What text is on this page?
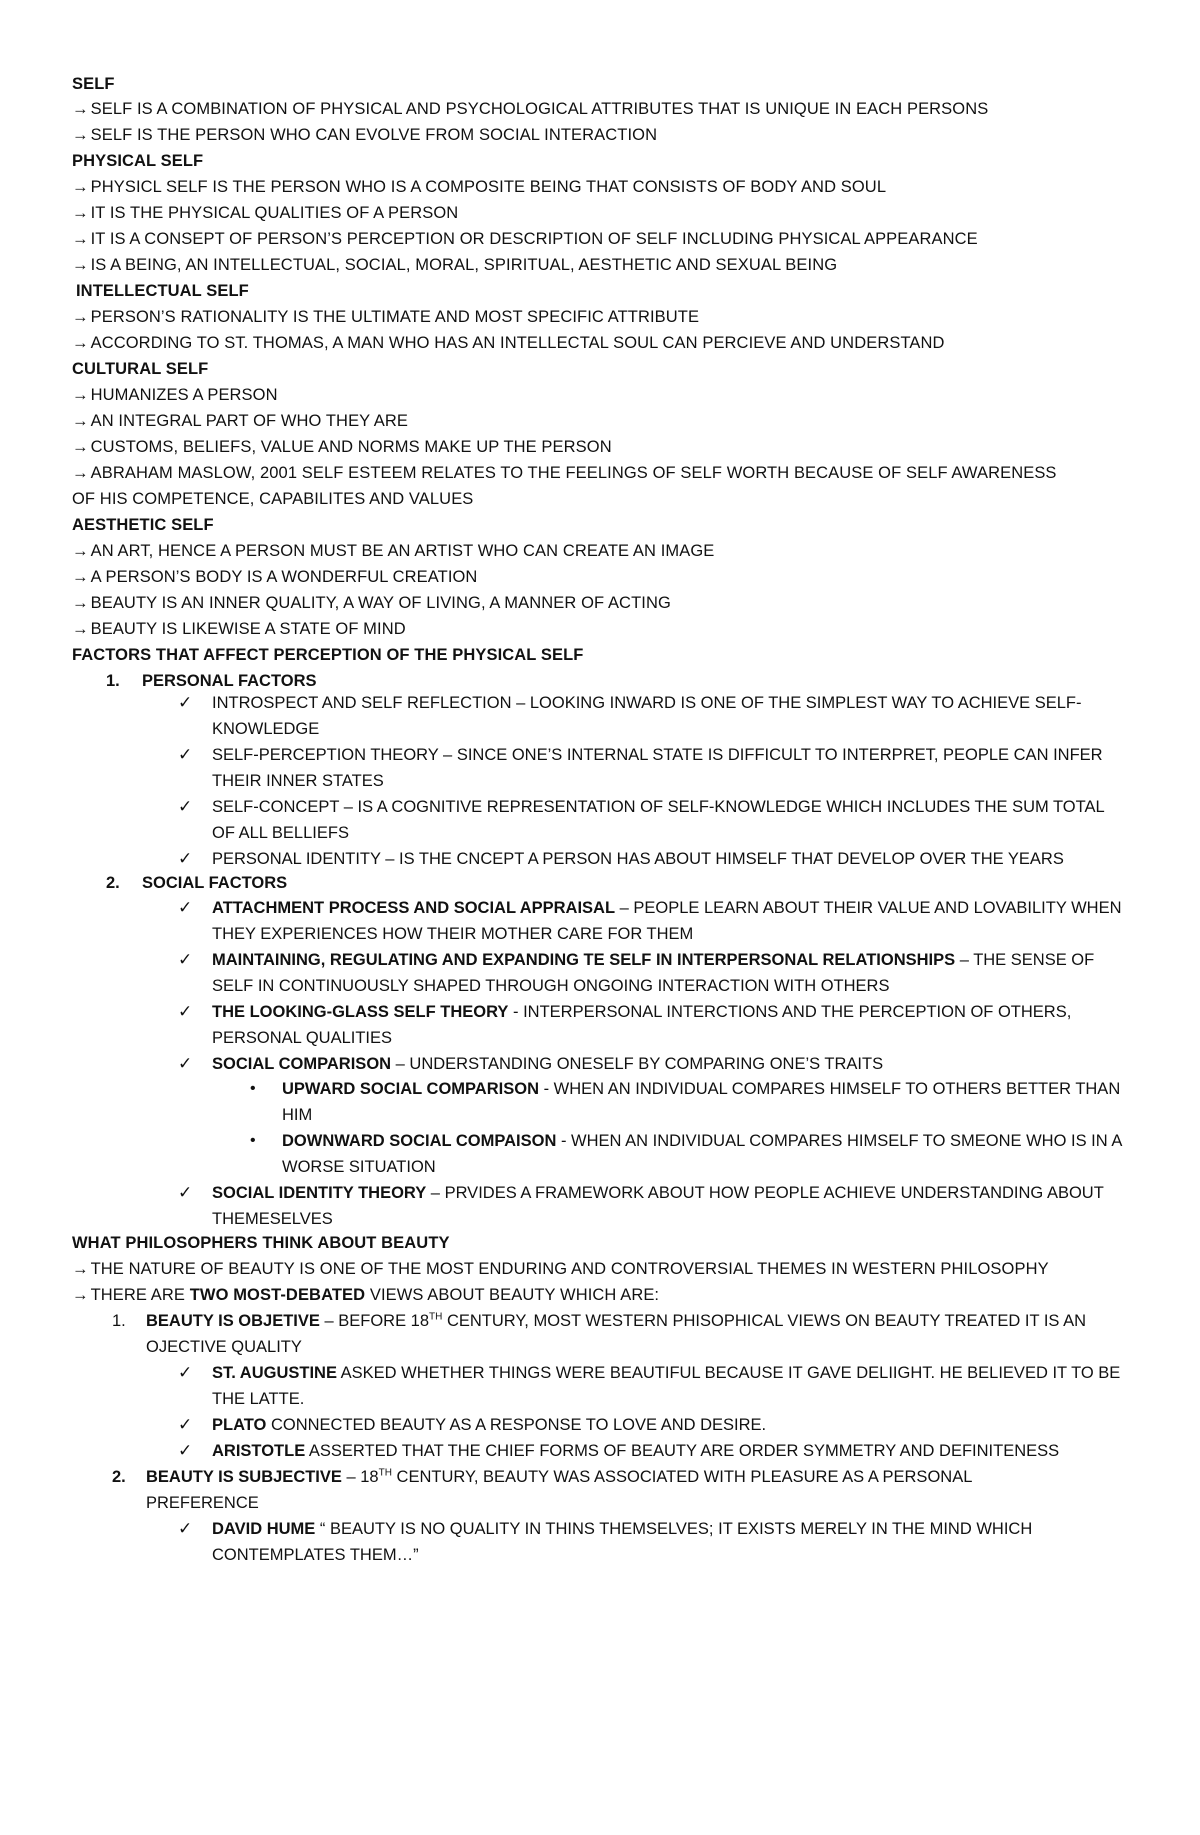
SELF
→ SELF IS A COMBINATION OF PHYSICAL AND PSYCHOLOGICAL ATTRIBUTES THAT IS UNIQUE IN EACH PERSONS
→ SELF IS THE PERSON WHO CAN EVOLVE FROM SOCIAL INTERACTION
PHYSICAL SELF
→ PHYSICL SELF IS THE PERSON WHO IS A COMPOSITE BEING THAT CONSISTS OF BODY AND SOUL
→ IT IS THE PHYSICAL QUALITIES OF A PERSON
→ IT IS A CONSEPT OF PERSON’S PERCEPTION OR DESCRIPTION OF SELF INCLUDING PHYSICAL APPEARANCE
→ IS A BEING, AN INTELLECTUAL, SOCIAL, MORAL, SPIRITUAL, AESTHETIC AND SEXUAL BEING
INTELLECTUAL SELF
→ PERSON’S RATIONALITY IS THE ULTIMATE AND MOST SPECIFIC ATTRIBUTE
→ ACCORDING TO ST. THOMAS, A MAN WHO HAS AN INTELLECTAL SOUL CAN PERCIEVE AND UNDERSTAND
CULTURAL SELF
→ HUMANIZES A PERSON
→ AN INTEGRAL PART OF WHO THEY ARE
→ CUSTOMS, BELIEFS, VALUE AND NORMS MAKE UP THE PERSON
→ ABRAHAM MASLOW, 2001 SELF ESTEEM RELATES TO THE FEELINGS OF SELF WORTH BECAUSE OF SELF AWARENESS
OF HIS COMPETENCE, CAPABILITES AND VALUES
AESTHETIC SELF
→ AN ART, HENCE A PERSON MUST BE AN ARTIST WHO CAN CREATE AN IMAGE
→ A PERSON’S BODY IS A WONDERFUL CREATION
→ BEAUTY IS AN INNER QUALITY, A WAY OF LIVING, A MANNER OF ACTING
→ BEAUTY IS LIKEWISE A STATE OF MIND
FACTORS THAT AFFECT PERCEPTION OF THE PHYSICAL SELF
1. PERSONAL FACTORS
✓ INTROSPECT AND SELF REFLECTION – LOOKING INWARD IS ONE OF THE SIMPLEST WAY TO ACHIEVE SELF-KNOWLEDGE
✓ SELF-PERCEPTION THEORY – SINCE ONE’S INTERNAL STATE IS DIFFICULT TO INTERPRET, PEOPLE CAN INFER THEIR INNER STATES
✓ SELF-CONCEPT – IS A COGNITIVE REPRESENTATION OF SELF-KNOWLEDGE WHICH INCLUDES THE SUM TOTAL OF ALL BELLIEFS
✓ PERSONAL IDENTITY – IS THE CNCEPT A PERSON HAS ABOUT HIMSELF THAT DEVELOP OVER THE YEARS
2. SOCIAL FACTORS
✓ ATTACHMENT PROCESS AND SOCIAL APPRAISAL – PEOPLE LEARN ABOUT THEIR VALUE AND LOVABILITY WHEN THEY EXPERIENCES HOW THEIR MOTHER CARE FOR THEM
✓ MAINTAINING, REGULATING AND EXPANDING TE SELF IN INTERPERSONAL RELATIONSHIPS – THE SENSE OF SELF IN CONTINUOUSLY SHAPED THROUGH ONGOING INTERACTION WITH OTHERS
✓ THE LOOKING-GLASS SELF THEORY - INTERPERSONAL INTERCTIONS AND THE PERCEPTION OF OTHERS, PERSONAL QUALITIES
✓ SOCIAL COMPARISON – UNDERSTANDING ONESELF BY COMPARING ONE’S TRAITS
• UPWARD SOCIAL COMPARISON - WHEN AN INDIVIDUAL COMPARES HIMSELF TO OTHERS BETTER THAN HIM
• DOWNWARD SOCIAL COMPAISON - WHEN AN INDIVIDUAL COMPARES HIMSELF TO SMEONE WHO IS IN A WORSE SITUATION
✓ SOCIAL IDENTITY THEORY – PRVIDES A FRAMEWORK ABOUT HOW PEOPLE ACHIEVE UNDERSTANDING ABOUT THEMESELVES
WHAT PHILOSOPHERS THINK ABOUT BEAUTY
→ THE NATURE OF BEAUTY IS ONE OF THE MOST ENDURING AND CONTROVERSIAL THEMES IN WESTERN PHILOSOPHY
→ THERE ARE TWO MOST-DEBATED VIEWS ABOUT BEAUTY WHICH ARE:
1. BEAUTY IS OBJETIVE – BEFORE 18TH CENTURY, MOST WESTERN PHISOPHICAL VIEWS ON BEAUTY TREATED IT IS AN OJECTIVE QUALITY
✓ ST. AUGUSTINE ASKED WHETHER THINGS WERE BEAUTIFUL BECAUSE IT GAVE DELIIGHT. HE BELIEVED IT TO BE THE LATTE.
✓ PLATO CONNECTED BEAUTY AS A RESPONSE TO LOVE AND DESIRE.
✓ ARISTOTLE ASSERTED THAT THE CHIEF FORMS OF BEAUTY ARE ORDER SYMMETRY AND DEFINITENESS
2. BEAUTY IS SUBJECTIVE – 18TH CENTURY, BEAUTY WAS ASSOCIATED WITH PLEASURE AS A PERSONAL PREFERENCE
✓ DAVID HUME “ BEAUTY IS NO QUALITY IN THINS THEMSELVES; IT EXISTS MERELY IN THE MIND WHICH CONTEMPLATES THEM…”
